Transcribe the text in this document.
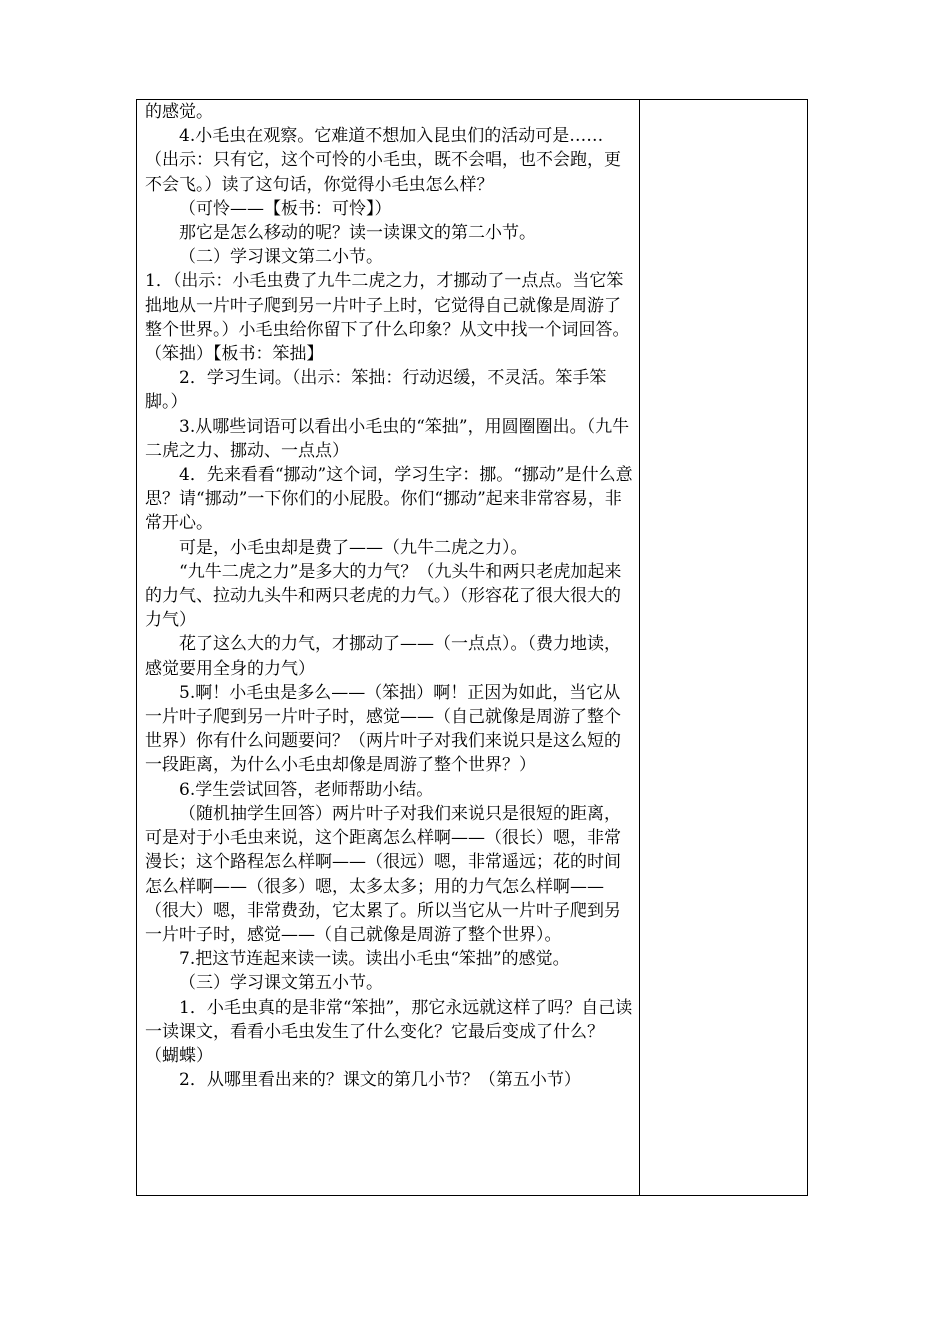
的感觉。

4.小毛虫在观察。它难道不想加入昆虫们的活动可是……（出示：只有它，这个可怜的小毛虫，既不会唱，也不会跑，更不会飞。）读了这句话，你觉得小毛虫怎么样？

（可怜——【板书：可怜】）

那它是怎么移动的呢？读一读课文的第二小节。

（二）学习课文第二小节。

1．（出示：小毛虫费了九牛二虎之力，才挪动了一点点。当它笨拙地从一片叶子爬到另一片叶子上时，它觉得自己就像是周游了整个世界。）小毛虫给你留下了什么印象？从文中找一个词回答。（笨拙）【板书：笨拙】

2．学习生词。（出示：笨拙：行动迟缓，不灵活。笨手笨脚。）

3.从哪些词语可以看出小毛虫的“笨拙”，用圆圈圈出。（九牛二虎之力、挪动、一点点）

4．先来看看“挪动”这个词，学习生字：挪。“挪动”是什么意思？请“挪动”一下你们的小屁股。你们“挪动”起来非常容易，非常开心。

可是，小毛虫却是费了——（九牛二虎之力）。

“九牛二虎之力”是多大的力气？（九头牛和两只老虎加起来的力气、拉动九头牛和两只老虎的力气。）（形容花了很大很大的力气）

花了这么大的力气，才挪动了——（一点点）。（费力地读，感觉要用全身的力气）

5.啊！小毛虫是多么——（笨拙）啊！正因为如此，当它从一片叶子爬到另一片叶子时，感觉——（自己就像是周游了整个世界）你有什么问题要问？（两片叶子对我们来说只是这么短的一段距离，为什么小毛虫却像是周游了整个世界？）

6.学生尝试回答，老师帮助小结。

（随机抽学生回答）两片叶子对我们来说只是很短的距离，可是对于小毛虫来说，这个距离怎么样啊——（很长）嗯，非常漫长；这个路程怎么样啊——（很远）嗯，非常遥远；花的时间怎么样啊——（很多）嗯，太多太多；用的力气怎么样啊——（很大）嗯，非常费劲，它太累了。所以当它从一片叶子爬到另一片叶子时，感觉——（自己就像是周游了整个世界）。

7.把这节连起来读一读。读出小毛虫“笨拙”的感觉。

（三）学习课文第五小节。

1．小毛虫真的是非常“笨拙”，那它永远就这样了吗？自己读一读课文，看看小毛虫发生了什么变化？它最后变成了什么？（蝴蝶）

2．从哪里看出来的？课文的第几小节？（第五小节）
